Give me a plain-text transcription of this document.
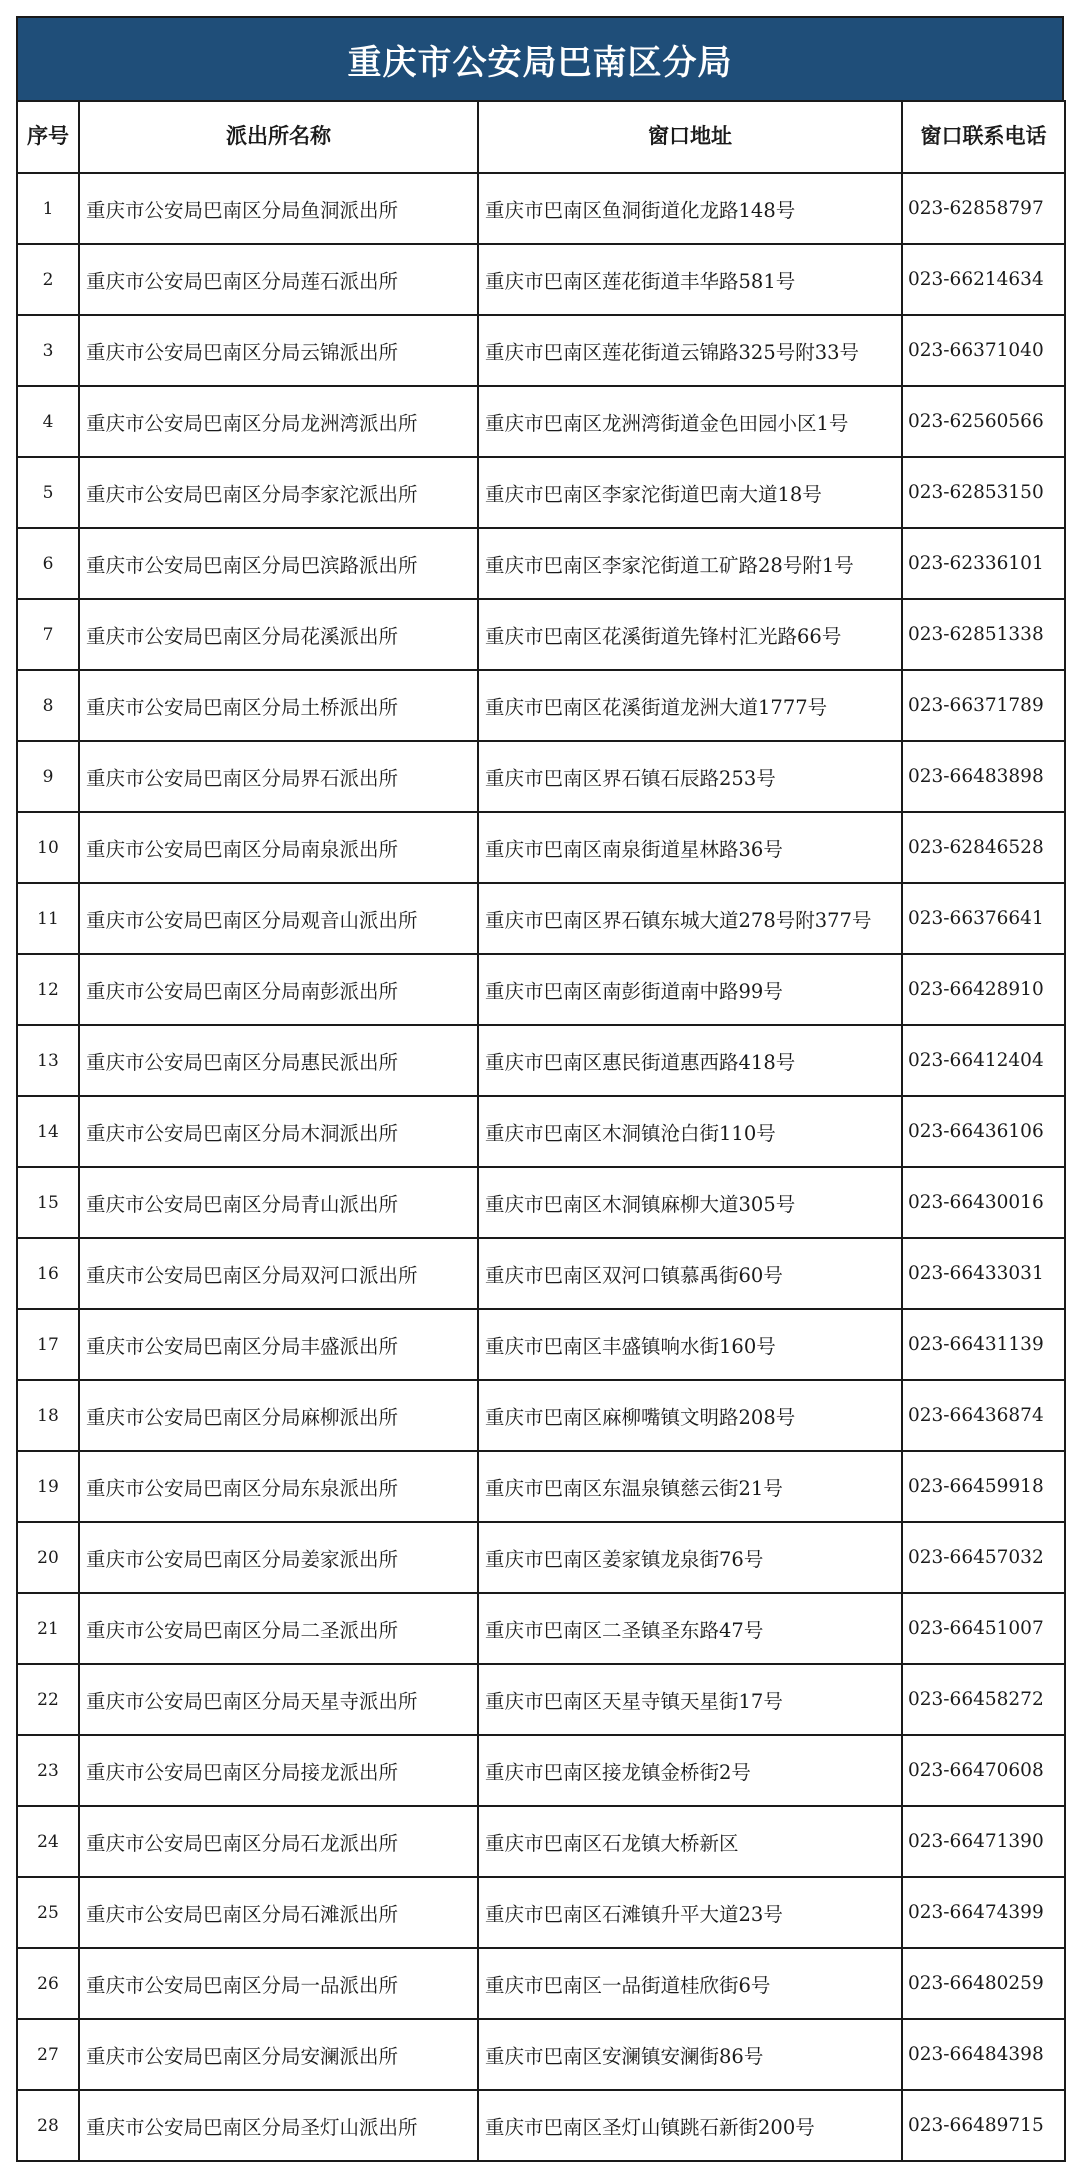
重庆市公安局巴南区分局
序号	派出所名称	窗口地址	窗口联系电话
1	重庆市公安局巴南区分局鱼洞派出所	重庆市巴南区鱼洞街道化龙路148号	023-62858797
2	重庆市公安局巴南区分局莲石派出所	重庆市巴南区莲花街道丰华路581号	023-66214634
3	重庆市公安局巴南区分局云锦派出所	重庆市巴南区莲花街道云锦路325号附33号	023-66371040
4	重庆市公安局巴南区分局龙洲湾派出所	重庆市巴南区龙洲湾街道金色田园小区1号	023-62560566
5	重庆市公安局巴南区分局李家沱派出所	重庆市巴南区李家沱街道巴南大道18号	023-62853150
6	重庆市公安局巴南区分局巴滨路派出所	重庆市巴南区李家沱街道工矿路28号附1号	023-62336101
7	重庆市公安局巴南区分局花溪派出所	重庆市巴南区花溪街道先锋村汇光路66号	023-62851338
8	重庆市公安局巴南区分局土桥派出所	重庆市巴南区花溪街道龙洲大道1777号	023-66371789
9	重庆市公安局巴南区分局界石派出所	重庆市巴南区界石镇石辰路253号	023-66483898
10	重庆市公安局巴南区分局南泉派出所	重庆市巴南区南泉街道星林路36号	023-62846528
11	重庆市公安局巴南区分局观音山派出所	重庆市巴南区界石镇东城大道278号附377号	023-66376641
12	重庆市公安局巴南区分局南彭派出所	重庆市巴南区南彭街道南中路99号	023-66428910
13	重庆市公安局巴南区分局惠民派出所	重庆市巴南区惠民街道惠西路418号	023-66412404
14	重庆市公安局巴南区分局木洞派出所	重庆市巴南区木洞镇沧白街110号	023-66436106
15	重庆市公安局巴南区分局青山派出所	重庆市巴南区木洞镇麻柳大道305号	023-66430016
16	重庆市公安局巴南区分局双河口派出所	重庆市巴南区双河口镇慕禹街60号	023-66433031
17	重庆市公安局巴南区分局丰盛派出所	重庆市巴南区丰盛镇响水街160号	023-66431139
18	重庆市公安局巴南区分局麻柳派出所	重庆市巴南区麻柳嘴镇文明路208号	023-66436874
19	重庆市公安局巴南区分局东泉派出所	重庆市巴南区东温泉镇慈云街21号	023-66459918
20	重庆市公安局巴南区分局姜家派出所	重庆市巴南区姜家镇龙泉街76号	023-66457032
21	重庆市公安局巴南区分局二圣派出所	重庆市巴南区二圣镇圣东路47号	023-66451007
22	重庆市公安局巴南区分局天星寺派出所	重庆市巴南区天星寺镇天星街17号	023-66458272
23	重庆市公安局巴南区分局接龙派出所	重庆市巴南区接龙镇金桥街2号	023-66470608
24	重庆市公安局巴南区分局石龙派出所	重庆市巴南区石龙镇大桥新区	023-66471390
25	重庆市公安局巴南区分局石滩派出所	重庆市巴南区石滩镇升平大道23号	023-66474399
26	重庆市公安局巴南区分局一品派出所	重庆市巴南区一品街道桂欣街6号	023-66480259
27	重庆市公安局巴南区分局安澜派出所	重庆市巴南区安澜镇安澜街86号	023-66484398
28	重庆市公安局巴南区分局圣灯山派出所	重庆市巴南区圣灯山镇跳石新街200号	023-66489715
